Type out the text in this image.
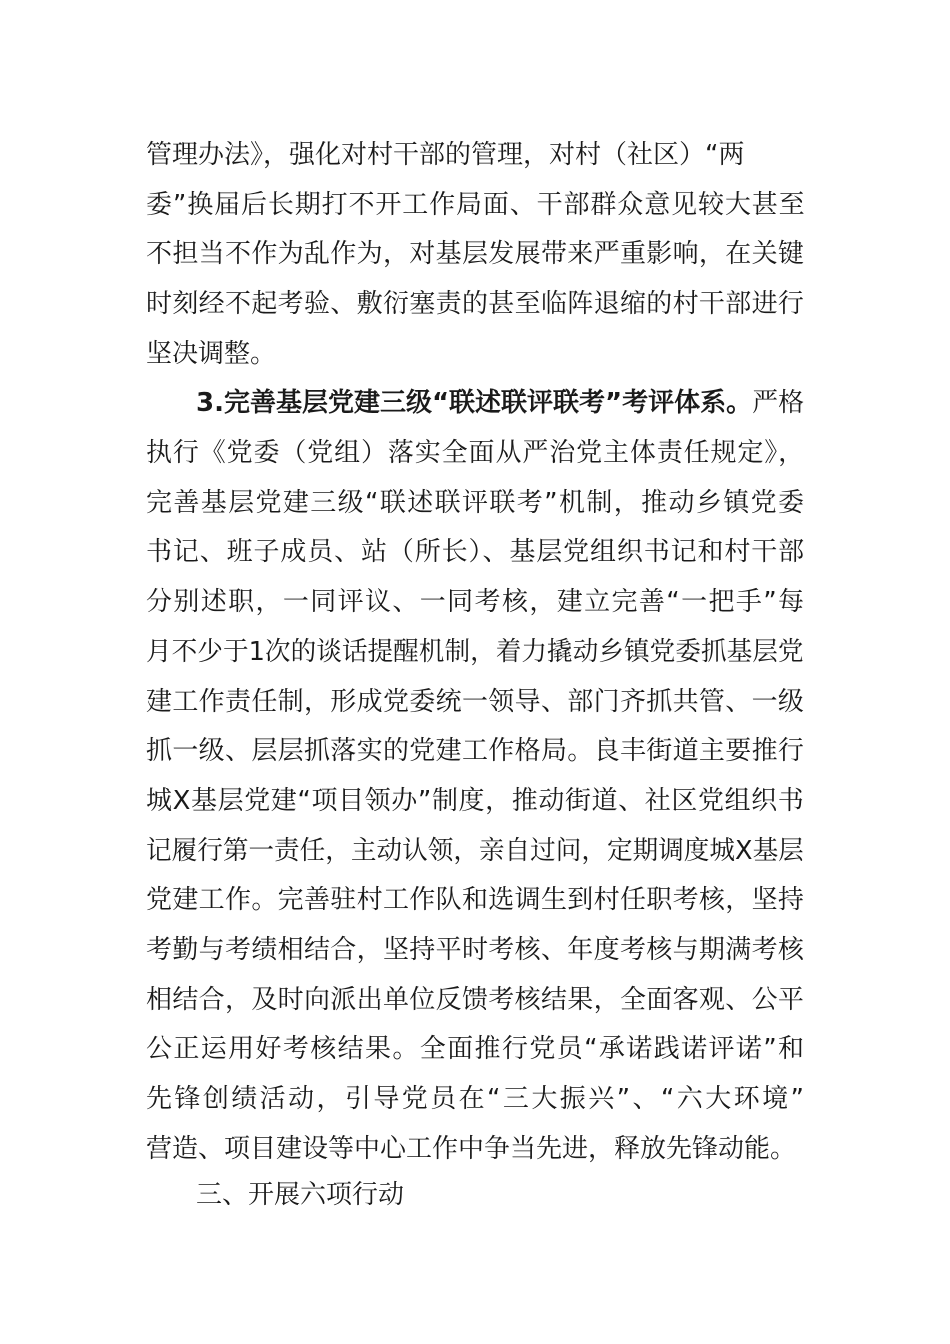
管理办法》，强化对村干部的管理，对村（社区）“两
委”换届后长期打不开工作局面、干部群众意见较大甚至
不担当不作为乱作为，对基层发展带来严重影响，在关键
时刻经不起考验、敷衍塞责的甚至临阵退缩的村干部进行
坚决调整。
3.完善基层党建三级“联述联评联考”考评体系。严格
执行《党委（党组）落实全面从严治党主体责任规定》，
完善基层党建三级“联述联评联考”机制，推动乡镇党委
书记、班子成员、站（所长）、基层党组织书记和村干部
分别述职，一同评议、一同考核，建立完善“一把手”每
月不少于1次的谈话提醒机制，着力撬动乡镇党委抓基层党
建工作责任制，形成党委统一领导、部门齐抓共管、一级
抓一级、层层抓落实的党建工作格局。良丰街道主要推行
城X基层党建“项目领办”制度，推动街道、社区党组织书
记履行第一责任，主动认领，亲自过问，定期调度城X基层
党建工作。完善驻村工作队和选调生到村任职考核，坚持
考勤与考绩相结合，坚持平时考核、年度考核与期满考核
相结合，及时向派出单位反馈考核结果，全面客观、公平
公正运用好考核结果。全面推行党员“承诺践诺评诺”和
先锋创绩活动，引导党员在“三大振兴”、“六大环境”
营造、项目建设等中心工作中争当先进，释放先锋动能。
三、开展六项行动
